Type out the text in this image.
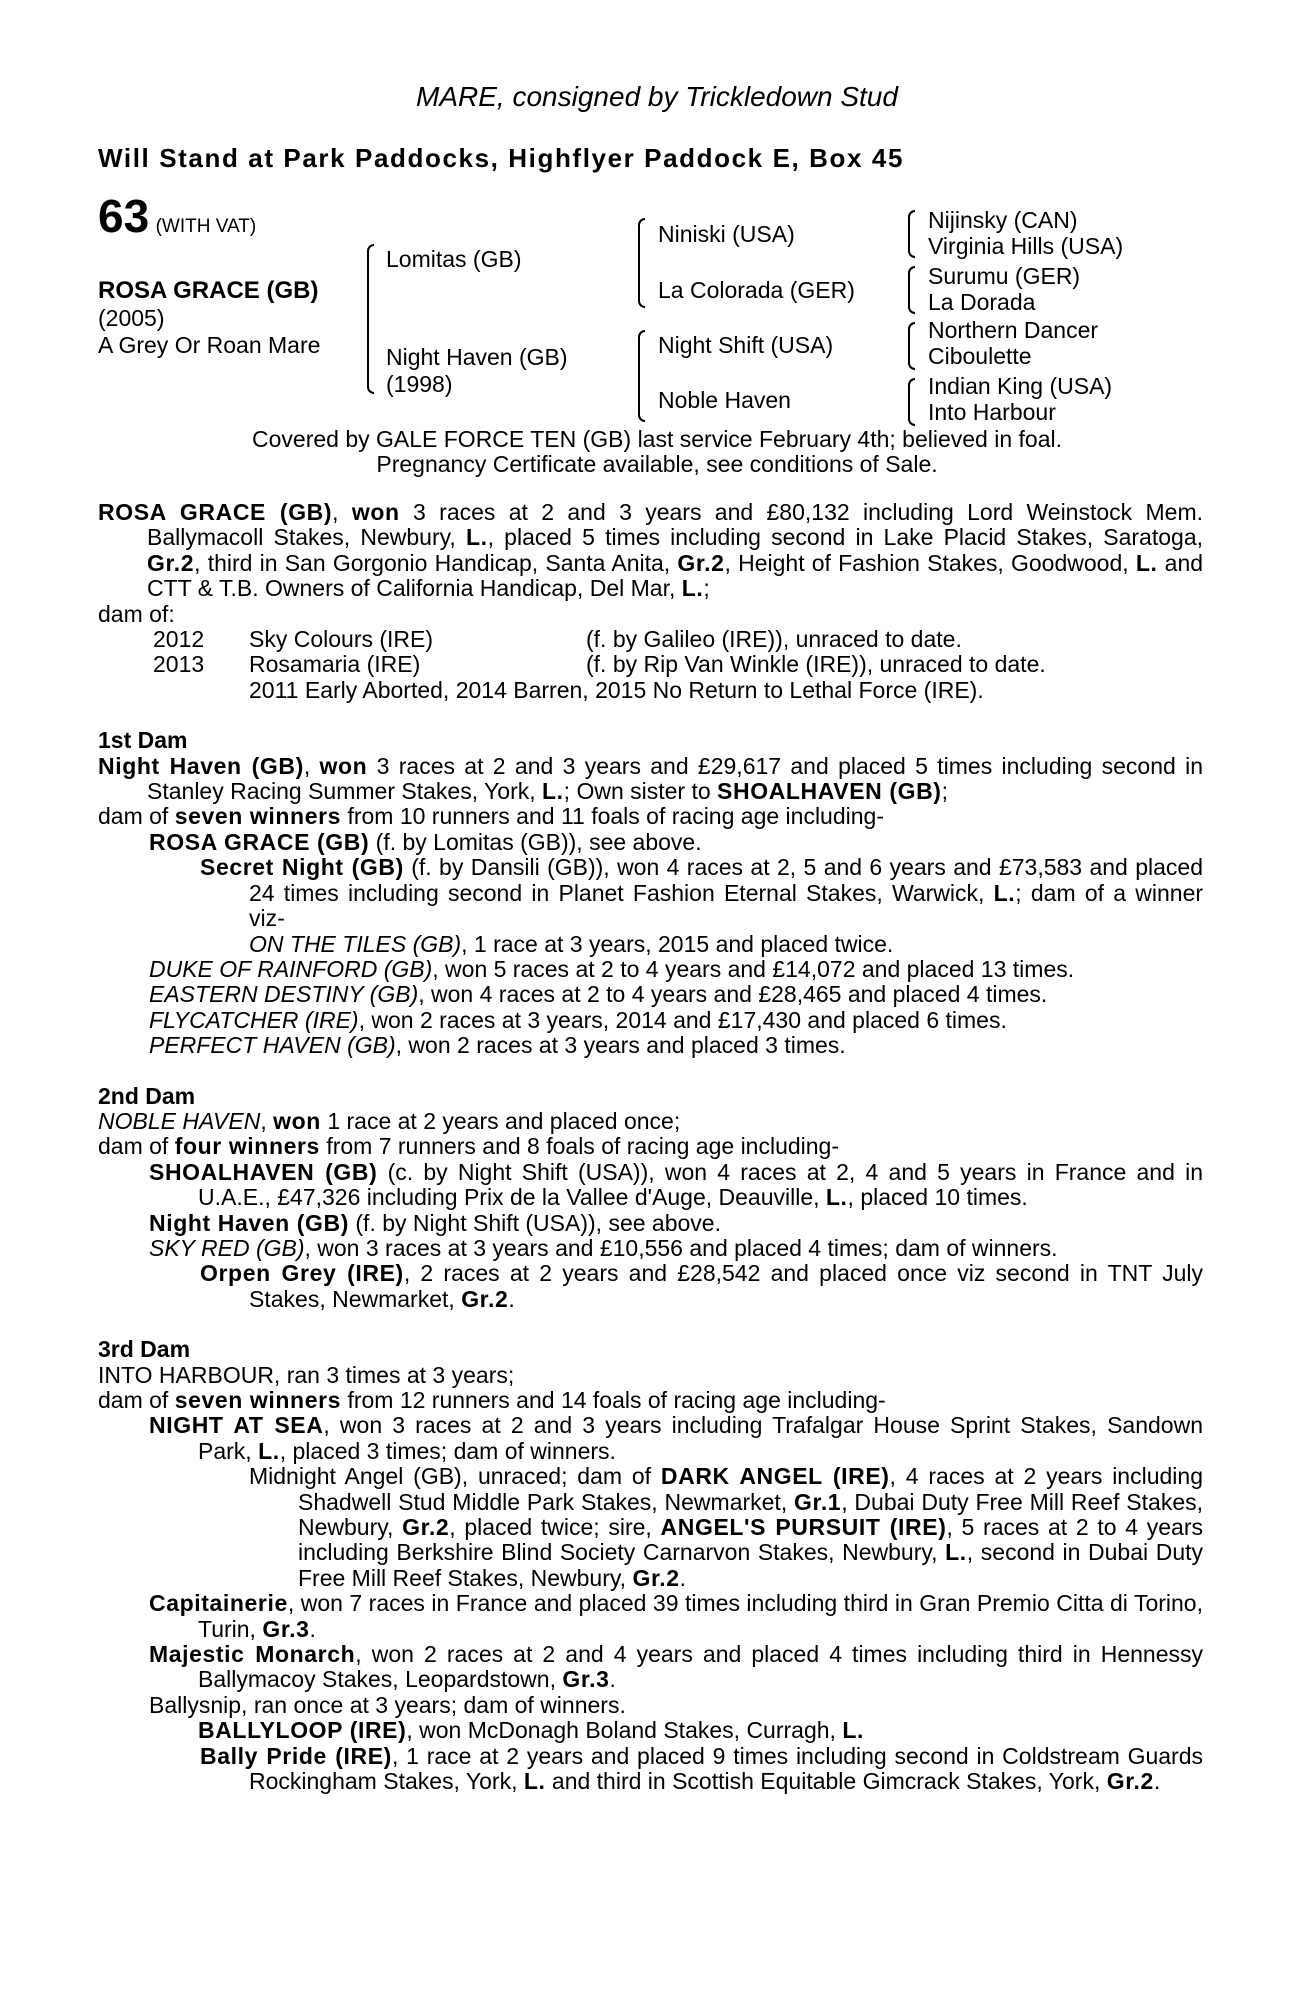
MARE, consigned by Trickledown Stud
Will Stand at Park Paddocks, Highflyer Paddock E, Box 45
63 (WITH VAT)
ROSA GRACE (GB)
(2005)
A Grey Or Roan Mare
Lomitas (GB)
Night Haven (GB)
(1998)
Niniski (USA)
La Colorada (GER)
Night Shift (USA)
Noble Haven
Nijinsky (CAN)
Virginia Hills (USA)
Surumu (GER)
La Dorada
Northern Dancer
Ciboulette
Indian King (USA)
Into Harbour
Covered by GALE FORCE TEN (GB) last service February 4th; believed in foal.
Pregnancy Certificate available, see conditions of Sale.

ROSA GRACE (GB), won 3 races at 2 and 3 years and £80,132 including Lord Weinstock Mem. Ballymacoll Stakes, Newbury, L., placed 5 times including second in Lake Placid Stakes, Saratoga, Gr.2, third in San Gorgonio Handicap, Santa Anita, Gr.2, Height of Fashion Stakes, Goodwood, L. and CTT & T.B. Owners of California Handicap, Del Mar, L.;

dam of:

2012	Sky Colours (IRE)	(f. by Galileo (IRE)), unraced to date.
2013	Rosamaria (IRE)	(f. by Rip Van Winkle (IRE)), unraced to date.

2011 Early Aborted, 2014 Barren, 2015 No Return to Lethal Force (IRE).

1st Dam

Night Haven (GB), won 3 races at 2 and 3 years and £29,617 and placed 5 times including second in Stanley Racing Summer Stakes, York, L.; Own sister to SHOALHAVEN (GB);

dam of seven winners from 10 runners and 11 foals of racing age including-

ROSA GRACE (GB) (f. by Lomitas (GB)), see above.

Secret Night (GB) (f. by Dansili (GB)), won 4 races at 2, 5 and 6 years and £73,583 and placed 24 times including second in Planet Fashion Eternal Stakes, Warwick, L.; dam of a winner viz-

ON THE TILES (GB), 1 race at 3 years, 2015 and placed twice.

DUKE OF RAINFORD (GB), won 5 races at 2 to 4 years and £14,072 and placed 13 times.

EASTERN DESTINY (GB), won 4 races at 2 to 4 years and £28,465 and placed 4 times.

FLYCATCHER (IRE), won 2 races at 3 years, 2014 and £17,430 and placed 6 times.

PERFECT HAVEN (GB), won 2 races at 3 years and placed 3 times.

2nd Dam

NOBLE HAVEN, won 1 race at 2 years and placed once;

dam of four winners from 7 runners and 8 foals of racing age including-

SHOALHAVEN (GB) (c. by Night Shift (USA)), won 4 races at 2, 4 and 5 years in France and in U.A.E., £47,326 including Prix de la Vallee d'Auge, Deauville, L., placed 10 times.

Night Haven (GB) (f. by Night Shift (USA)), see above.

SKY RED (GB), won 3 races at 3 years and £10,556 and placed 4 times; dam of winners.

Orpen Grey (IRE), 2 races at 2 years and £28,542 and placed once viz second in TNT July Stakes, Newmarket, Gr.2.

3rd Dam

INTO HARBOUR, ran 3 times at 3 years;

dam of seven winners from 12 runners and 14 foals of racing age including-

NIGHT AT SEA, won 3 races at 2 and 3 years including Trafalgar House Sprint Stakes, Sandown Park, L., placed 3 times; dam of winners.

Midnight Angel (GB), unraced; dam of DARK ANGEL (IRE), 4 races at 2 years including Shadwell Stud Middle Park Stakes, Newmarket, Gr.1, Dubai Duty Free Mill Reef Stakes, Newbury, Gr.2, placed twice; sire, ANGEL'S PURSUIT (IRE), 5 races at 2 to 4 years including Berkshire Blind Society Carnarvon Stakes, Newbury, L., second in Dubai Duty Free Mill Reef Stakes, Newbury, Gr.2.

Capitainerie, won 7 races in France and placed 39 times including third in Gran Premio Citta di Torino, Turin, Gr.3.

Majestic Monarch, won 2 races at 2 and 4 years and placed 4 times including third in Hennessy Ballymacoy Stakes, Leopardstown, Gr.3.

Ballysnip, ran once at 3 years; dam of winners.

BALLYLOOP (IRE), won McDonagh Boland Stakes, Curragh, L.

Bally Pride (IRE), 1 race at 2 years and placed 9 times including second in Coldstream Guards Rockingham Stakes, York, L. and third in Scottish Equitable Gimcrack Stakes, York, Gr.2.
